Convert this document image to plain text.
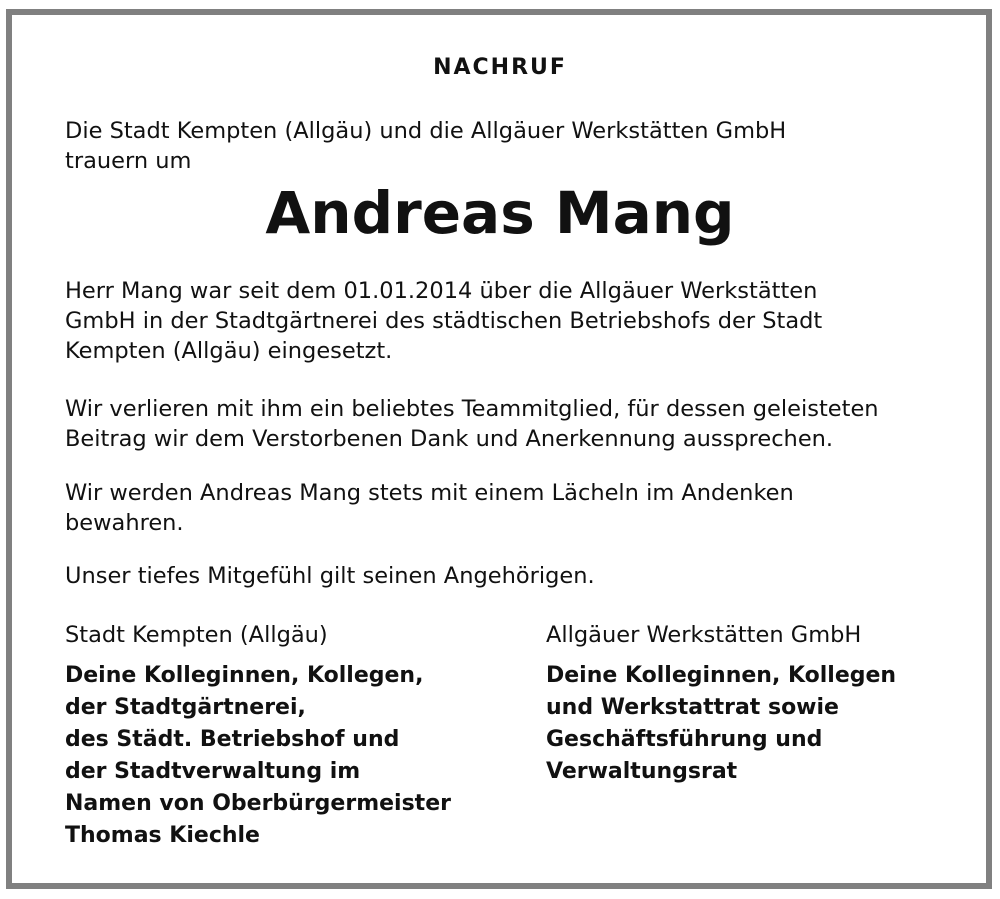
NACHRUF

Die Stadt Kempten (Allgäu) und die Allgäuer Werkstätten GmbH
trauern um

Andreas Mang

Herr Mang war seit dem 01.01.2014 über die Allgäuer Werkstätten
GmbH in der Stadtgärtnerei des städtischen Betriebshofs der Stadt
Kempten (Allgäu) eingesetzt.

Wir verlieren mit ihm ein beliebtes Teammitglied, für dessen geleisteten
Beitrag wir dem Verstorbenen Dank und Anerkennung aussprechen.

Wir werden Andreas Mang stets mit einem Lächeln im Andenken
bewahren.

Unser tiefes Mitgefühl gilt seinen Angehörigen.

Stadt Kempten (Allgäu)	Allgäuer Werkstätten GmbH
Deine Kolleginnen, Kollegen,
der Stadtgärtnerei,
des Städt. Betriebshof und
der Stadtverwaltung im
Namen von Oberbürgermeister
Thomas Kiechle
Deine Kolleginnen, Kollegen
und Werkstattrat sowie
Geschäftsführung und
Verwaltungsrat
